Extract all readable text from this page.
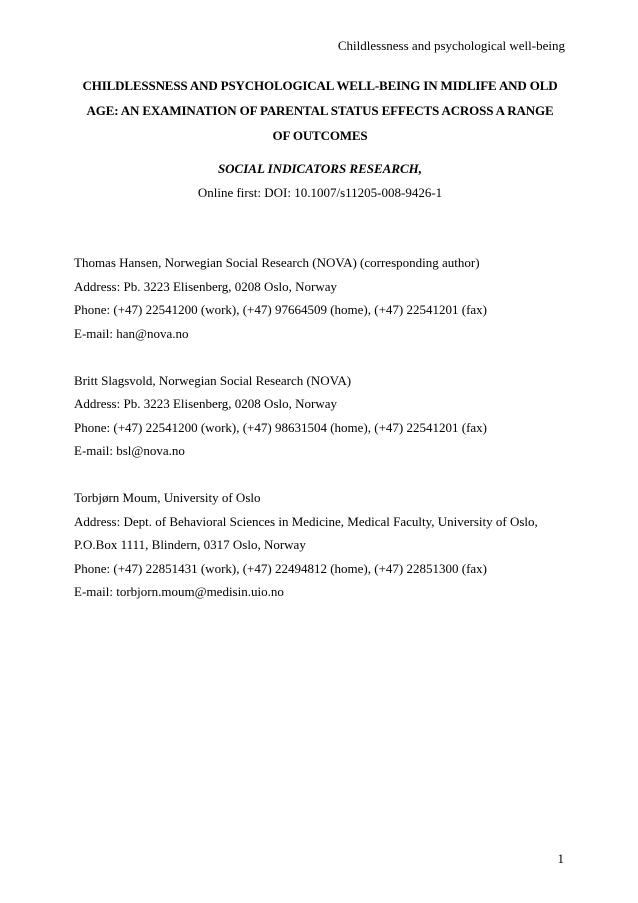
Childlessness and psychological well-being
CHILDLESSNESS AND PSYCHOLOGICAL WELL-BEING IN MIDLIFE AND OLD
AGE: AN EXAMINATION OF PARENTAL STATUS EFFECTS ACROSS A RANGE
OF OUTCOMES
SOCIAL INDICATORS RESEARCH,
Online first: DOI: 10.1007/s11205-008-9426-1
Thomas Hansen, Norwegian Social Research (NOVA) (corresponding author)
Address: Pb. 3223 Elisenberg, 0208 Oslo, Norway
Phone: (+47) 22541200 (work), (+47) 97664509 (home), (+47) 22541201 (fax)
E-mail: han@nova.no
Britt Slagsvold, Norwegian Social Research (NOVA)
Address: Pb. 3223 Elisenberg, 0208 Oslo, Norway
Phone: (+47) 22541200 (work), (+47) 98631504 (home), (+47) 22541201 (fax)
E-mail: bsl@nova.no
Torbjørn Moum, University of Oslo
Address: Dept. of Behavioral Sciences in Medicine, Medical Faculty, University of Oslo,
P.O.Box 1111, Blindern, 0317 Oslo, Norway
Phone: (+47) 22851431 (work), (+47) 22494812 (home), (+47) 22851300 (fax)
E-mail: torbjorn.moum@medisin.uio.no
1
